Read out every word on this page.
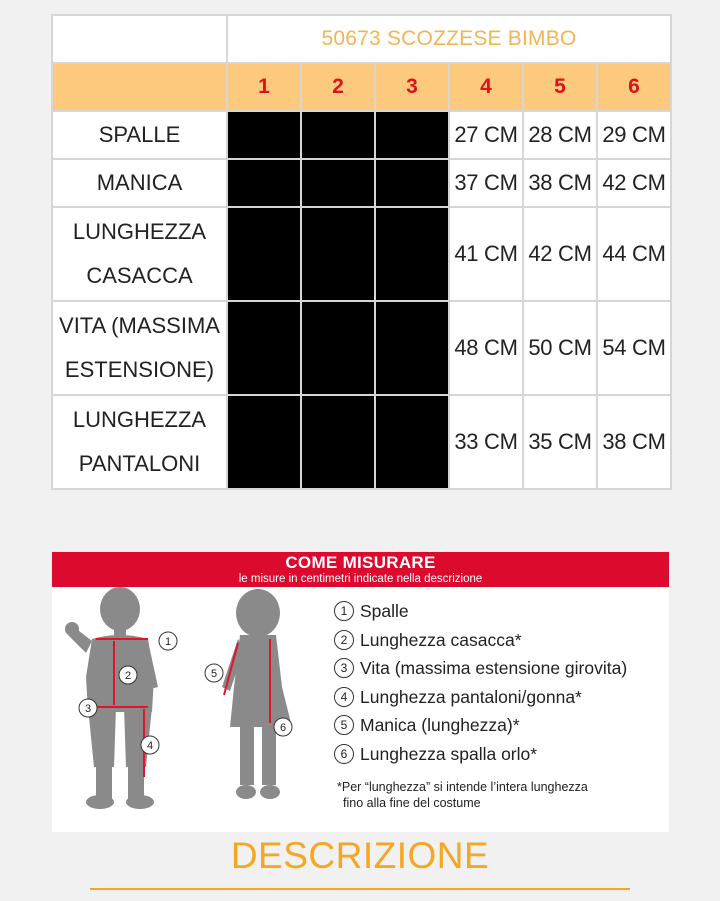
	50673 SCOZZESE BIMBO					
	1	2	3	4	5	6
SPALLE				27 CM	28 CM	29 CM
MANICA				37 CM	38 CM	42 CM
LUNGHEZZA CASACCA				41 CM	42 CM	44 CM
VITA (MASSIMA ESTENSIONE)				48 CM	50 CM	54 CM
LUNGHEZZA PANTALONI				33 CM	35 CM	38 CM
COME MISURARE
le misure in centimetri indicate nella descrizione
1
2
3
4
5
6
1 Spalle
2 Lunghezza casacca*
3 Vita (massima estensione girovita)
4 Lunghezza pantaloni/gonna*
5 Manica (lunghezza)*
6 Lunghezza spalla orlo*
*Per “lunghezza” si intende l’intera lunghezza
fino alla fine del costume
DESCRIZIONE
